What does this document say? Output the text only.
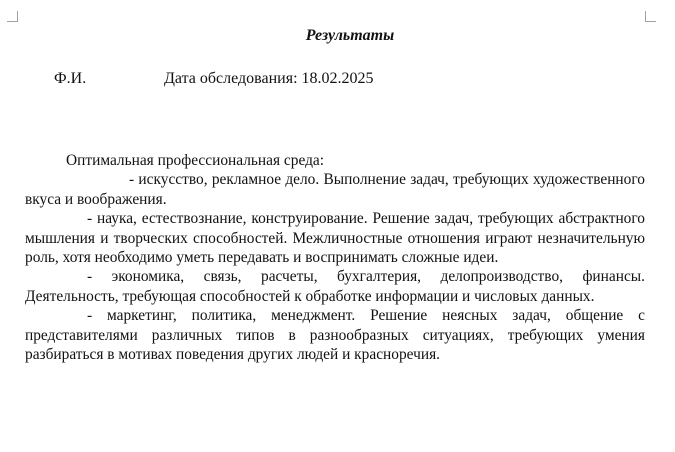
Результаты
Ф.И.	Дата обследования: 18.02.2025

Оптимальная профессиональная среда:

- искусство, рекламное дело. Выполнение задач, требующих художественного вкуса и воображения.

- наука, естествознание, конструирование. Решение задач, требующих абстрактного мышления и творческих способностей. Межличностные отношения играют незначительную роль, хотя необходимо уметь передавать и воспринимать сложные идеи.

- экономика, связь, расчеты, бухгалтерия, делопроизводство, финансы. Деятельность, требующая способностей к обработке информации и числовых данных.

- маркетинг, политика, менеджмент. Решение неясных задач, общение с представителями различных типов в разнообразных ситуациях, требующих умения разбираться в мотивах поведения других людей и красноречия.
